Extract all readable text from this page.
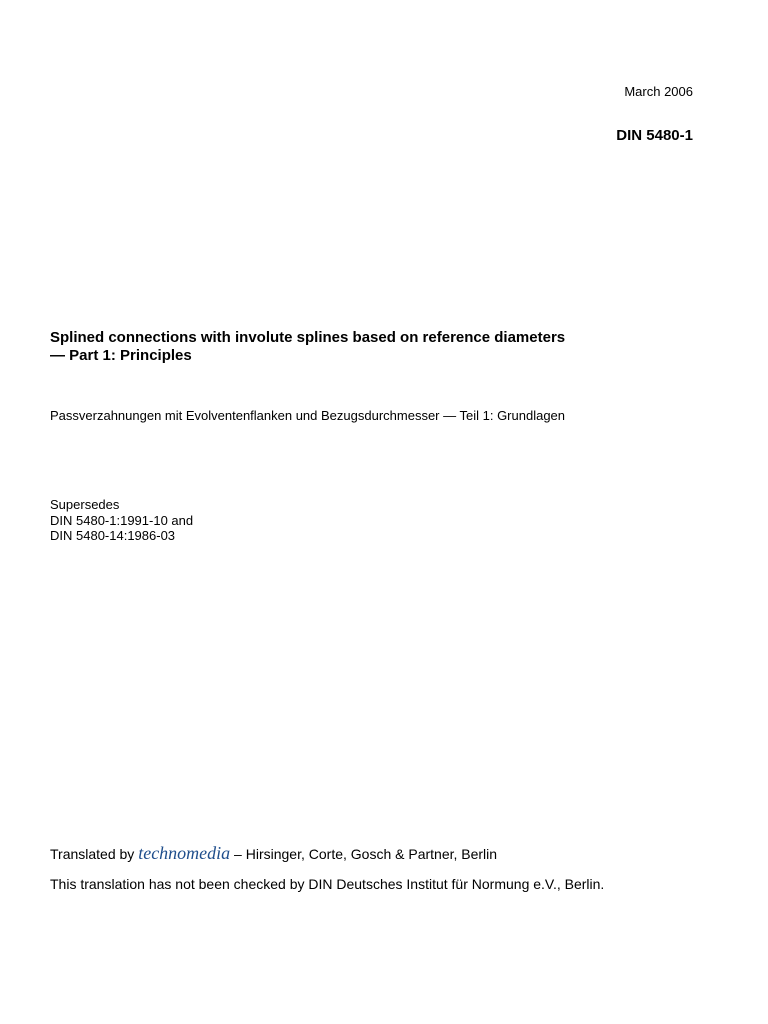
March 2006
DIN 5480-1
Splined connections with involute splines based on reference diameters
— Part 1: Principles
Passverzahnungen mit Evolventenflanken und Bezugsdurchmesser — Teil 1: Grundlagen
Supersedes
DIN 5480-1:1991-10 and
DIN 5480-14:1986-03
Translated by technomedia – Hirsinger, Corte, Gosch & Partner, Berlin
This translation has not been checked by DIN Deutsches Institut für Normung e.V., Berlin.
